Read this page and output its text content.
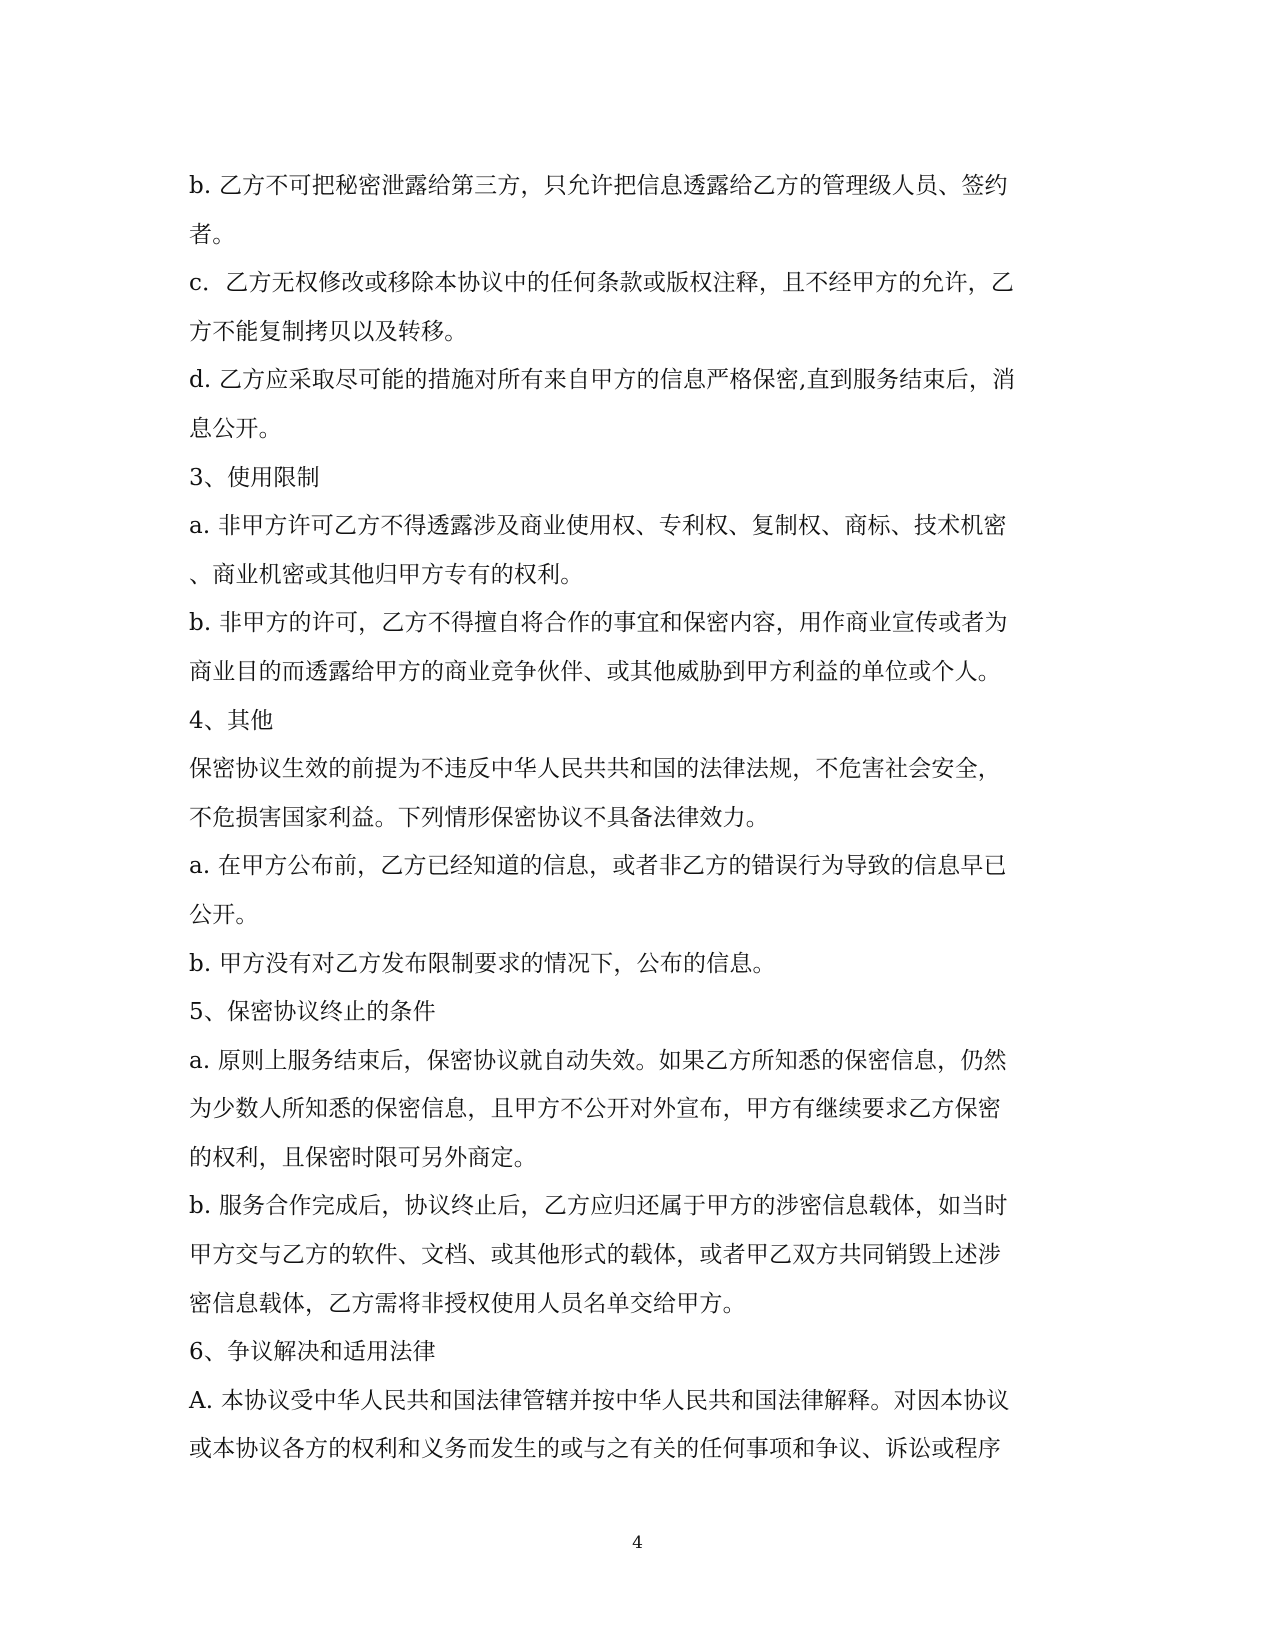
b. 乙方不可把秘密泄露给第三方，只允许把信息透露给乙方的管理级人员、签约
者。
c．乙方无权修改或移除本协议中的任何条款或版权注释，且不经甲方的允许，乙
方不能复制拷贝以及转移。
d. 乙方应采取尽可能的措施对所有来自甲方的信息严格保密,直到服务结束后，消
息公开。
3、使用限制
a. 非甲方许可乙方不得透露涉及商业使用权、专利权、复制权、商标、技术机密
、商业机密或其他归甲方专有的权利。
b. 非甲方的许可，乙方不得擅自将合作的事宜和保密内容，用作商业宣传或者为
商业目的而透露给甲方的商业竞争伙伴、或其他威胁到甲方利益的单位或个人。
4、其他
保密协议生效的前提为不违反中华人民共共和国的法律法规，不危害社会安全，
不危损害国家利益。下列情形保密协议不具备法律效力。
a. 在甲方公布前，乙方已经知道的信息，或者非乙方的错误行为导致的信息早已
公开。
b. 甲方没有对乙方发布限制要求的情况下，公布的信息。
5、保密协议终止的条件
a. 原则上服务结束后，保密协议就自动失效。如果乙方所知悉的保密信息，仍然
为少数人所知悉的保密信息，且甲方不公开对外宣布，甲方有继续要求乙方保密
的权利，且保密时限可另外商定。
b. 服务合作完成后，协议终止后，乙方应归还属于甲方的涉密信息载体，如当时
甲方交与乙方的软件、文档、或其他形式的载体，或者甲乙双方共同销毁上述涉
密信息载体，乙方需将非授权使用人员名单交给甲方。
6、争议解决和适用法律
A. 本协议受中华人民共和国法律管辖并按中华人民共和国法律解释。对因本协议
或本协议各方的权利和义务而发生的或与之有关的任何事项和争议、诉讼或程序
4
